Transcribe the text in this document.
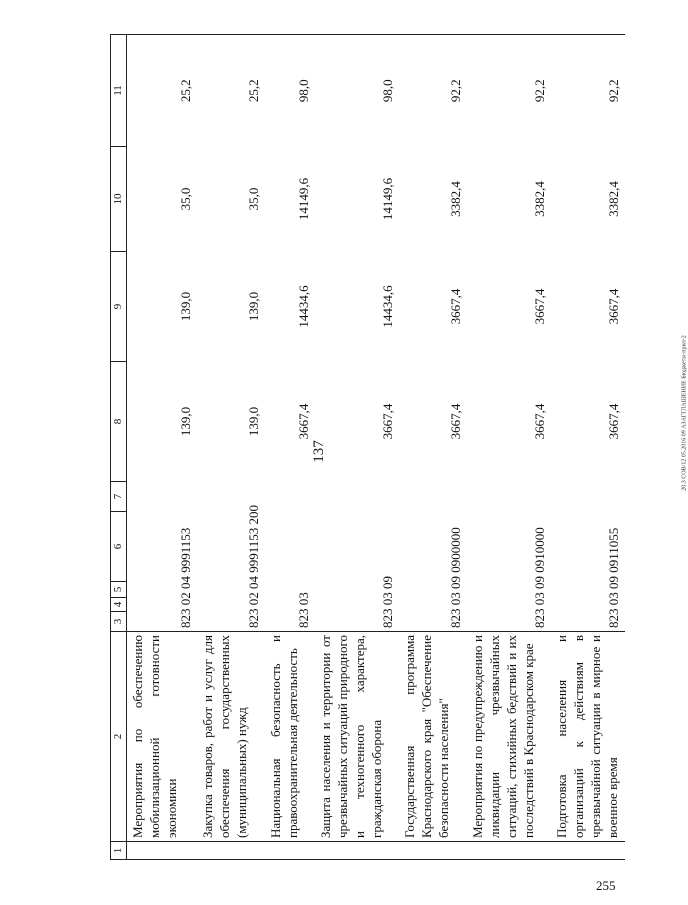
137	20.3 СОВ/12 05.2016 09 АЗАГГЛАШЕНИЕ Бюджеты-прил-2
255
1	2	3	4	5	6	7	8	9	10	11
	Мероприятия по обеспечению мобилизационной готовности экономики	823 02 04 9991153					139,0	139,0	35,0	25,2
	Закупка товаров, работ и услуг для обеспечения государственных (муниципальных) нужд	823 02 04 9991153 200					139,0	139,0	35,0	25,2
	Национальная безопасность и правоохранительная деятельность	823 03					3667,4	14434,6	14149,6	98,0
	Защита населения и территории от чрезвычайных ситуаций природного и техногенного характера, гражданская оборона	823 03 09					3667,4	14434,6	14149,6	98,0
	Государственная программа Краснодарского края "Обеспечение безопасности населения"	823 03 09 0900000					3667,4	3667,4	3382,4	92,2
	Мероприятия по предупреждению и ликвидации чрезвычайных ситуаций, стихийных бедствий и их последствий в Краснодарском крае	823 03 09 0910000					3667,4	3667,4	3382,4	92,2
	Подготовка населения и организаций к действиям в чрезвычайной ситуации в мирное и военное время	823 03 09 0911055					3667,4	3667,4	3382,4	92,2
